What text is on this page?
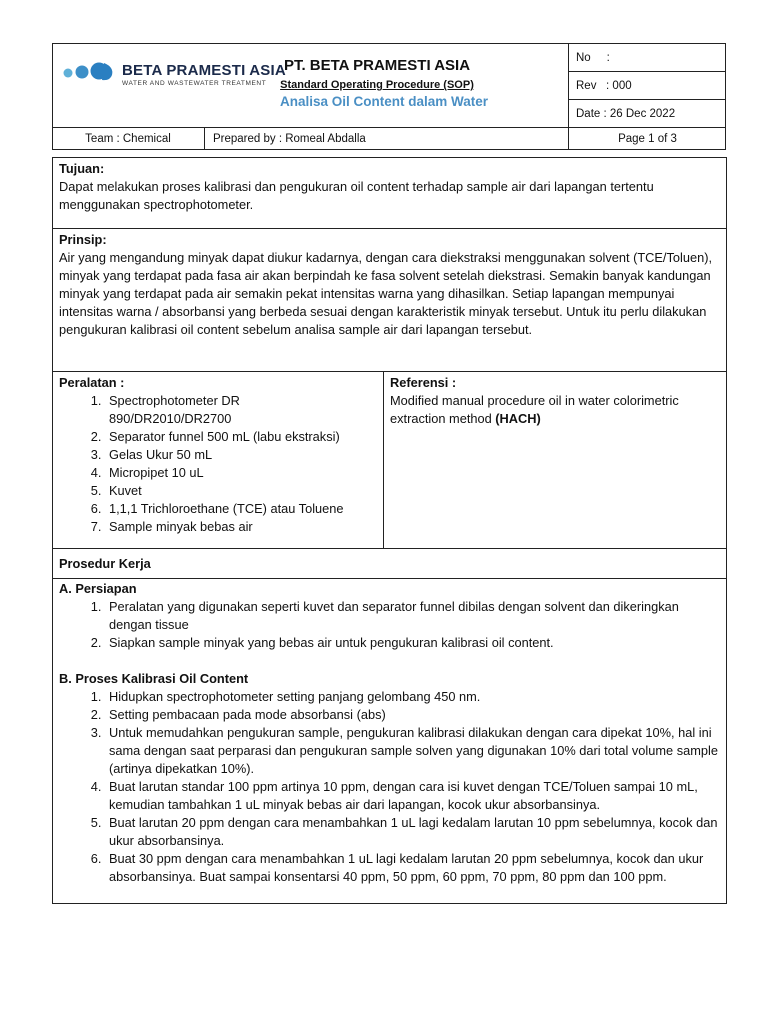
BETA PRAMESTI ASIA
WATER AND WASTEWATER TREATMENT
PT. BETA PRAMESTI ASIA
Standard Operating Procedure (SOP)
Analisa Oil Content dalam Water
No     :
Rev   : 000
Date : 26 Dec 2022
Team : Chemical	Prepared by : Romeal Abdalla	Page 1 of 3
Tujuan:
Dapat melakukan proses kalibrasi dan pengukuran oil content terhadap sample air dari lapangan tertentu menggunakan spectrophotometer.
Prinsip:
Air yang mengandung minyak dapat diukur kadarnya, dengan cara diekstraksi menggunakan solvent (TCE/Toluen), minyak yang terdapat pada fasa air akan berpindah ke fasa solvent setelah diekstrasi. Semakin banyak kandungan minyak yang terdapat pada air semakin pekat intensitas warna yang dihasilkan. Setiap lapangan mempunyai intensitas warna / absorbansi yang berbeda sesuai dengan karakteristik minyak tersebut. Untuk itu perlu dilakukan pengukuran kalibrasi oil content sebelum analisa sample air dari lapangan tersebut.
Peralatan :
1. Spectrophotometer DR 890/DR2010/DR2700
2. Separator funnel 500 mL (labu ekstraksi)
3. Gelas Ukur 50 mL
4. Micropipet 10 uL
5. Kuvet
6. 1,1,1 Trichloroethane (TCE) atau Toluene
7. Sample minyak bebas air
Referensi :
Modified manual procedure oil in water colorimetric extraction method (HACH)
Prosedur Kerja
A. Persiapan
1. Peralatan yang digunakan seperti kuvet dan separator funnel dibilas dengan solvent dan dikeringkan dengan tissue
2. Siapkan sample minyak yang bebas air untuk pengukuran kalibrasi oil content.
B. Proses Kalibrasi Oil Content
1. Hidupkan spectrophotometer setting panjang gelombang 450 nm.
2. Setting pembacaan pada mode absorbansi (abs)
3. Untuk memudahkan pengukuran sample, pengukuran kalibrasi dilakukan dengan cara dipekat 10%, hal ini sama dengan saat perparasi dan pengukuran sample solven yang digunakan 10% dari total volume sample (artinya dipekatkan 10%).
4. Buat larutan standar 100 ppm artinya 10 ppm, dengan cara isi kuvet dengan TCE/Toluen sampai 10 mL, kemudian tambahkan 1 uL minyak bebas air dari lapangan, kocok ukur absorbansinya.
5. Buat larutan 20 ppm dengan cara menambahkan 1 uL lagi kedalam larutan 10 ppm sebelumnya, kocok dan ukur absorbansinya.
6. Buat 30 ppm dengan cara menambahkan 1 uL lagi kedalam larutan 20 ppm sebelumnya, kocok dan ukur absorbansinya. Buat sampai konsentarsi 40 ppm, 50 ppm, 60 ppm, 70 ppm, 80 ppm dan 100 ppm.
